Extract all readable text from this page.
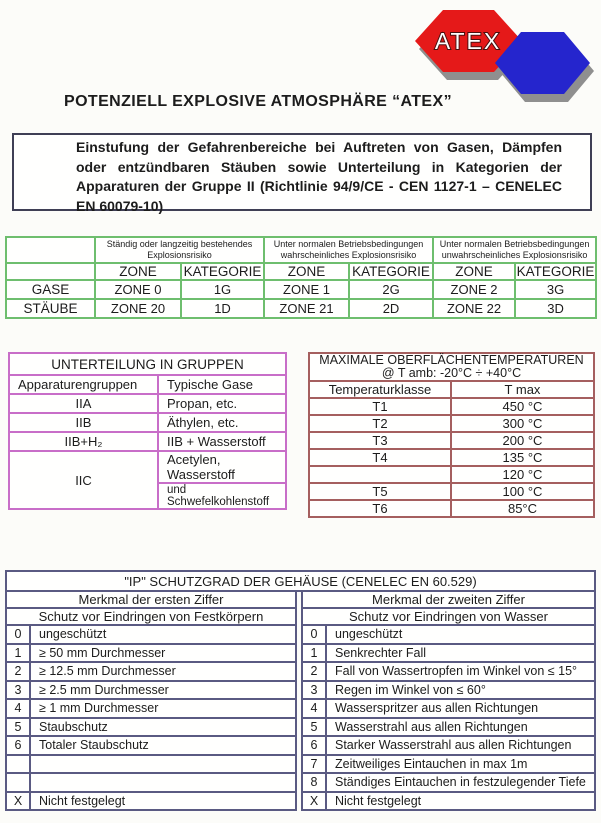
ATEX
POTENZIELL EXPLOSIVE ATMOSPHÄRE “ATEX”
Einstufung der Gefahrenbereiche bei Auftreten von Gasen, Dämpfen oder entzündbaren Stäuben sowie Unterteilung in Kategorien der Apparaturen der Gruppe II (Richtlinie 94/9/CE - CEN 1127-1 – CENELEC EN 60079-10)
	Ständig oder langzeitig bestehendes Explosionsrisiko		Unter normalen Betriebsbedingungen wahrscheinliches Explosionsrisiko		Unter normalen Betriebsbedingungen unwahrscheinliches Explosionsrisiko	
	ZONE	KATEGORIE	ZONE	KATEGORIE	ZONE	KATEGORIE
GASE	ZONE 0	1G	ZONE 1	2G	ZONE 2	3G
STÄUBE	ZONE 20	1D	ZONE 21	2D	ZONE 22	3D
UNTERTEILUNG IN GRUPPEN	
Apparaturengruppen	Typische Gase
IIA	Propan, etc.
IIB	Äthylen, etc.
IIB+H₂	IIB + Wasserstoff
IIC	Acetylen, Wasserstoff
	und Schwefelkohlenstoff
MAXIMALE OBERFLÄCHENTEMPERATUREN
@ T amb: -20°C ÷ +40°C	

Temperaturklasse	T max
T1	450 °C
T2	300 °C
T3	200 °C
T4	135 °C
	120 °C
T5	100 °C
T6	85°C
"IP" SCHUTZGRAD DER GEHÄUSE (CENELEC EN 60.529)
Merkmal der ersten Ziffer	
Schutz vor Eindringen von Festkörpern	
0	ungeschützt
1	≥ 50 mm Durchmesser
2	≥ 12.5 mm Durchmesser
3	≥ 2.5 mm Durchmesser
4	≥ 1 mm Durchmesser
5	Staubschutz
6	Totaler Staubschutz

X	Nicht festgelegt
Merkmal der zweiten Ziffer	
Schutz vor Eindringen von Wasser	
0	ungeschützt
1	Senkrechter Fall
2	Fall von Wassertropfen im Winkel von ≤ 15°
3	Regen im Winkel von ≤ 60°
4	Wasserspritzer aus allen Richtungen
5	Wasserstrahl aus allen Richtungen
6	Starker Wasserstrahl aus allen Richtungen
7	Zeitweiliges Eintauchen in max 1m
8	Ständiges Eintauchen in festzulegender Tiefe
X	Nicht festgelegt
